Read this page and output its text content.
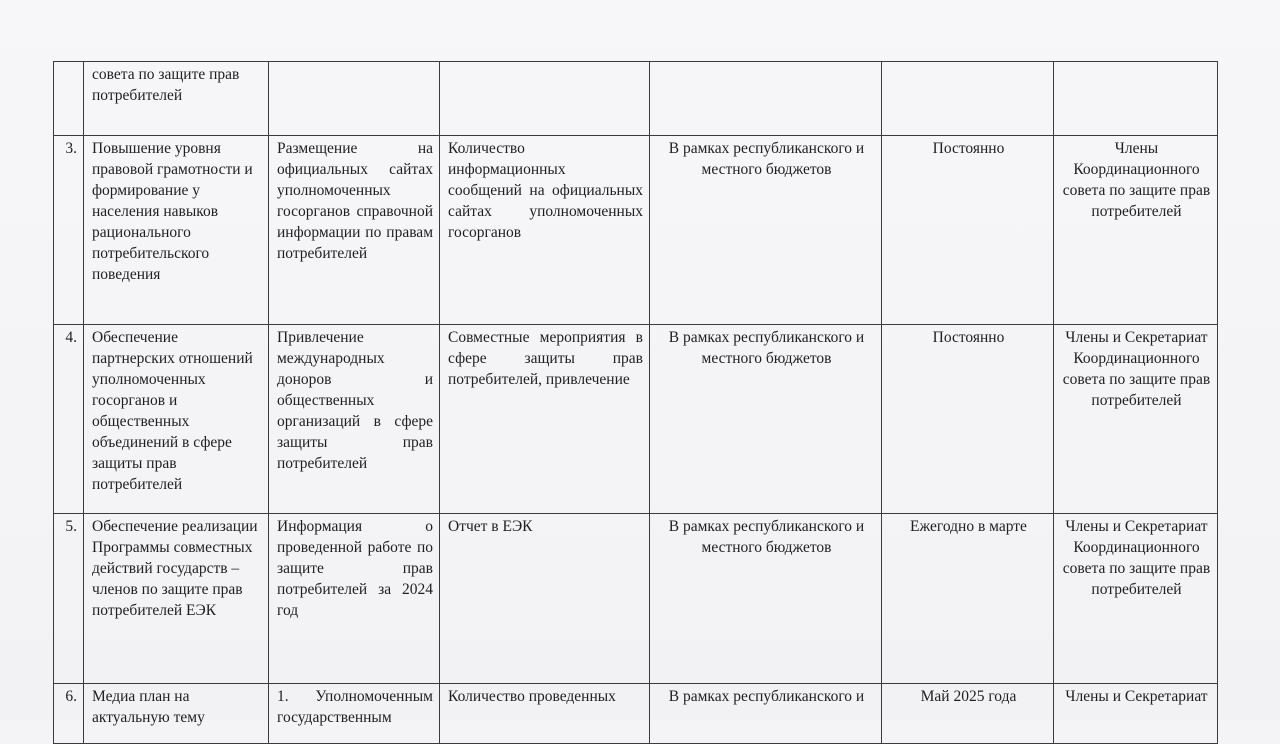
	совета по защите прав потребителей					
3.	Повышение уровня правовой грамотности и формирование у населения навыков рационального потребительского поведения	Размещение на официальных сайтах уполномоченных госорганов справочной информации по правам потребителей	Количество информационных сообщений на официальных сайтах уполномоченных госорганов	В рамках республиканского и местного бюджетов	Постоянно	Члены Координационного совета по защите прав потребителей
4.	Обеспечение партнерских отношений уполномоченных госорганов и общественных объединений в сфере защиты прав потребителей	Привлечение международных доноров и общественных организаций в сфере защиты прав потребителей	Совместные мероприятия в сфере защиты прав потребителей, привлечение	В рамках республиканского и местного бюджетов	Постоянно	Члены и Секретариат Координационного совета по защите прав потребителей
5.	Обеспечение реализации Программы совместных действий государств – членов по защите прав потребителей ЕЭК	Информация о проведенной работе по защите прав потребителей за 2024 год	Отчет в ЕЭК	В рамках республиканского и местного бюджетов	Ежегодно в марте	Члены и Секретариат Координационного совета по защите прав потребителей
6.	Медиа план на актуальную тему	1. Уполномоченным государственным	Количество проведенных	В рамках республиканского и	Май 2025 года	Члены и Секретариат
